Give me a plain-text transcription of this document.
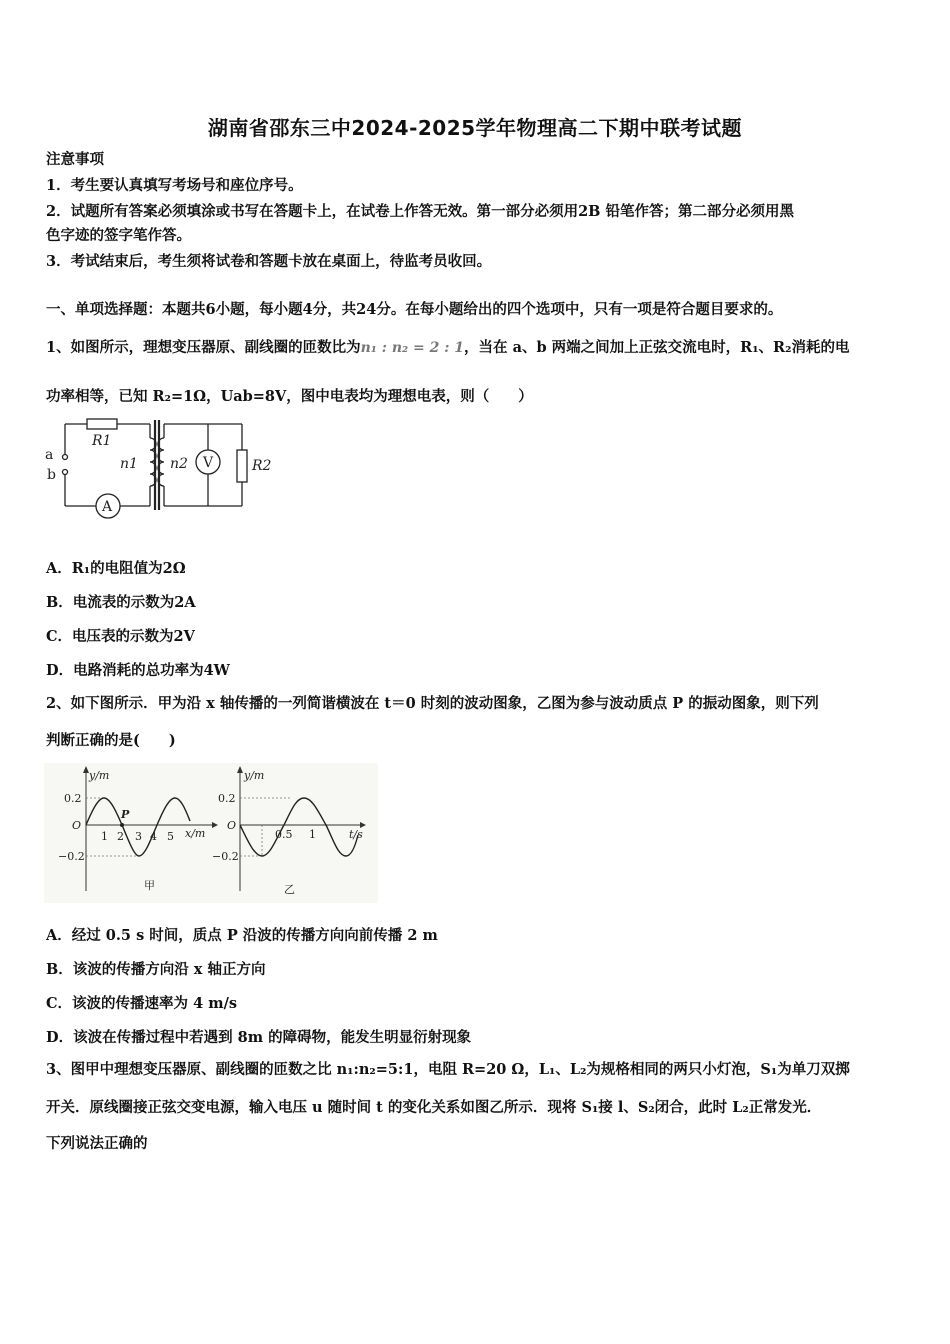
湖南省邵东三中2024-2025学年物理高二下期中联考试题
注意事项
1．考生要认真填写考场号和座位序号。
2．试题所有答案必须填涂或书写在答题卡上，在试卷上作答无效。第一部分必须用2B 铅笔作答；第二部分必须用黑
色字迹的签字笔作答。
3．考试结束后，考生须将试卷和答题卡放在桌面上，待监考员收回。
一、单项选择题：本题共6小题，每小题4分，共24分。在每小题给出的四个选项中，只有一项是符合题目要求的。
1、如图所示，理想变压器原、副线圈的匝数比为n₁ : n₂ = 2 : 1，当在 a、b 两端之间加上正弦交流电时，R₁、R₂消耗的电
功率相等，已知 R₂=1Ω，Uab=8V，图中电表均为理想电表，则（　　）
R1
n1 n2 V
A
R2
a
b
A．R₁的电阻值为2Ω
B．电流表的示数为2A
C．电压表的示数为2V
D．电路消耗的总功率为4W
2、如下图所示．甲为沿 x 轴传播的一列简谐横波在 t＝0 时刻的波动图象，乙图为参与波动质点 P 的振动图象，则下列
判断正确的是(　　)
y/m
0.2
−0.2
O
1 2 3 4 5
P
x/m
甲
y/m
0.2
−0.2
O
0.5 1	t/s
乙
A．经过 0.5 s 时间，质点 P 沿波的传播方向向前传播 2 m
B．该波的传播方向沿 x 轴正方向
C．该波的传播速率为 4 m/s
D．该波在传播过程中若遇到 8m 的障碍物，能发生明显衍射现象
3、图甲中理想变压器原、副线圈的匝数之比 n₁:n₂=5:1，电阻 R=20 Ω，L₁、L₂为规格相同的两只小灯泡，S₁为单刀双掷
开关．原线圈接正弦交变电源，输入电压 u 随时间 t 的变化关系如图乙所示．现将 S₁接 l、S₂闭合，此时 L₂正常发光．
下列说法正确的
